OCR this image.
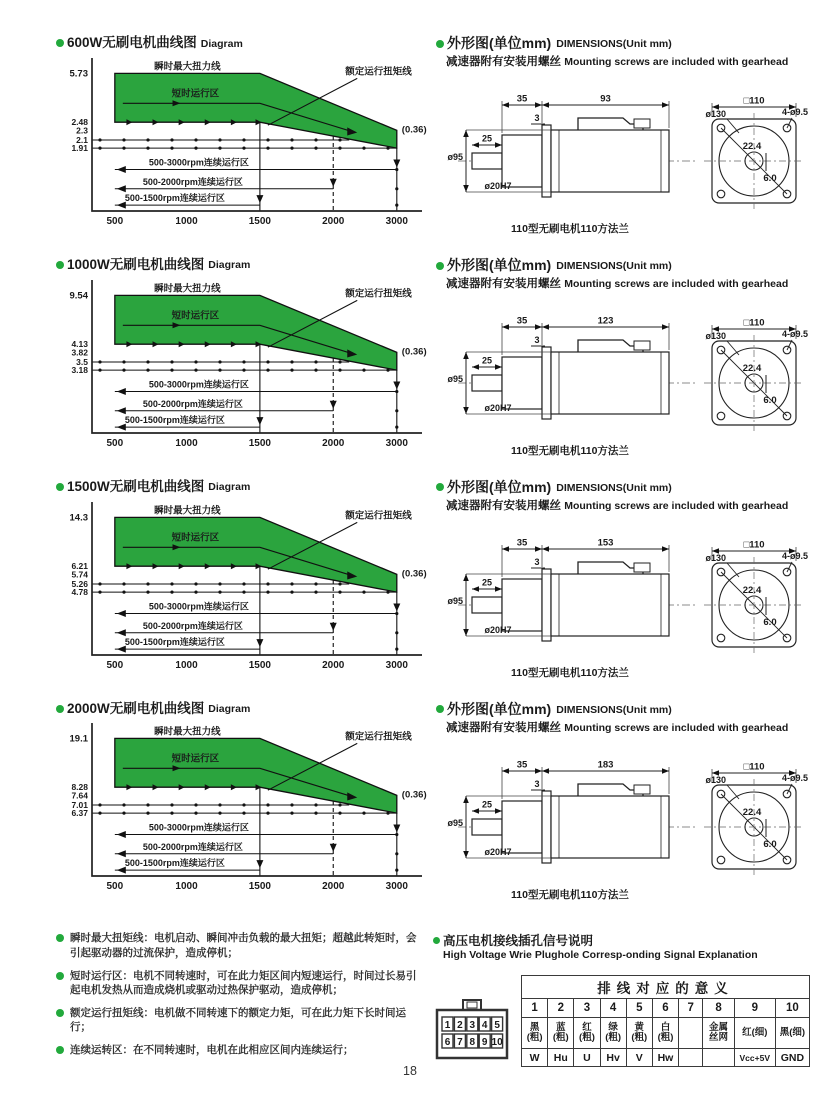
600W无刷电机曲线图 Diagram
瞬时最大扭力线
短时运行区
额定运行扭矩线
500-3000rpm连续运行区
500-2000rpm连续运行区
500-1500rpm连续运行区
5.73
2.48
2.3
2.1
1.91
500	1000	1500	2000	3000
(0.36)
外形图(单位mm) DIMENSIONS(Unit mm)
减速器附有安装用螺丝 Mounting screws are included with gearhead
35	93
3
25
ø95
ø20H7
□110
ø130	4-ø9.5
22.4
6.0
110型无刷电机110方法兰
1000W无刷电机曲线图 Diagram
瞬时最大扭力线
短时运行区
额定运行扭矩线
500-3000rpm连续运行区
500-2000rpm连续运行区
500-1500rpm连续运行区
9.54
4.13
3.82
3.5
3.18
500	1000	1500	2000	3000
(0.36)
外形图(单位mm) DIMENSIONS(Unit mm)
减速器附有安装用螺丝 Mounting screws are included with gearhead
35	123
3
25
ø95
ø20H7
□110
ø130	4-ø9.5
22.4
6.0
110型无刷电机110方法兰
1500W无刷电机曲线图 Diagram
瞬时最大扭力线
短时运行区
额定运行扭矩线
500-3000rpm连续运行区
500-2000rpm连续运行区
500-1500rpm连续运行区
14.3
6.21
5.74
5.26
4.78
500	1000	1500	2000	3000
(0.36)
外形图(单位mm) DIMENSIONS(Unit mm)
减速器附有安装用螺丝 Mounting screws are included with gearhead
35	153
3
25
ø95
ø20H7
□110
ø130	4-ø9.5
22.4
6.0
110型无刷电机110方法兰
2000W无刷电机曲线图 Diagram
瞬时最大扭力线
短时运行区
额定运行扭矩线
500-3000rpm连续运行区
500-2000rpm连续运行区
500-1500rpm连续运行区
19.1
8.28
7.64
7.01
6.37
500	1000	1500	2000	3000
(0.36)
外形图(单位mm) DIMENSIONS(Unit mm)
减速器附有安装用螺丝 Mounting screws are included with gearhead
35	183
3
25
ø95
ø20H7
□110
ø130	4-ø9.5
22.4
6.0
110型无刷电机110方法兰
瞬时最大扭矩线：电机启动、瞬间冲击负载的最大扭矩；超越此转矩时，会引起驱动器的过流保护，造成停机；
短时运行区：电机不同转速时，可在此力矩区间内短速运行，时间过长易引起电机发热从而造成烧机或驱动过热保护驱动，造成停机；
额定运行扭矩线：电机做不同转速下的额定力矩，可在此力矩下长时间运行；
连续运转区：在不同转速时，电机在此相应区间内连续运行；
高压电机接线插孔信号说明
High Voltage Wrie Plughole Corresp-onding Signal Explanation
1 2 3 4 5
6 7 8 9 10
排线对应的意义									
1	2	3	4	5	6	7	8	9	10
黑(粗)	蓝(粗)	红(粗)	绿(粗)	黄(粗)	白(粗)		金属丝网	红(细)	黑(细)
W	Hu	U	Hv	V	Hw			Vcc+5V	GND
18
